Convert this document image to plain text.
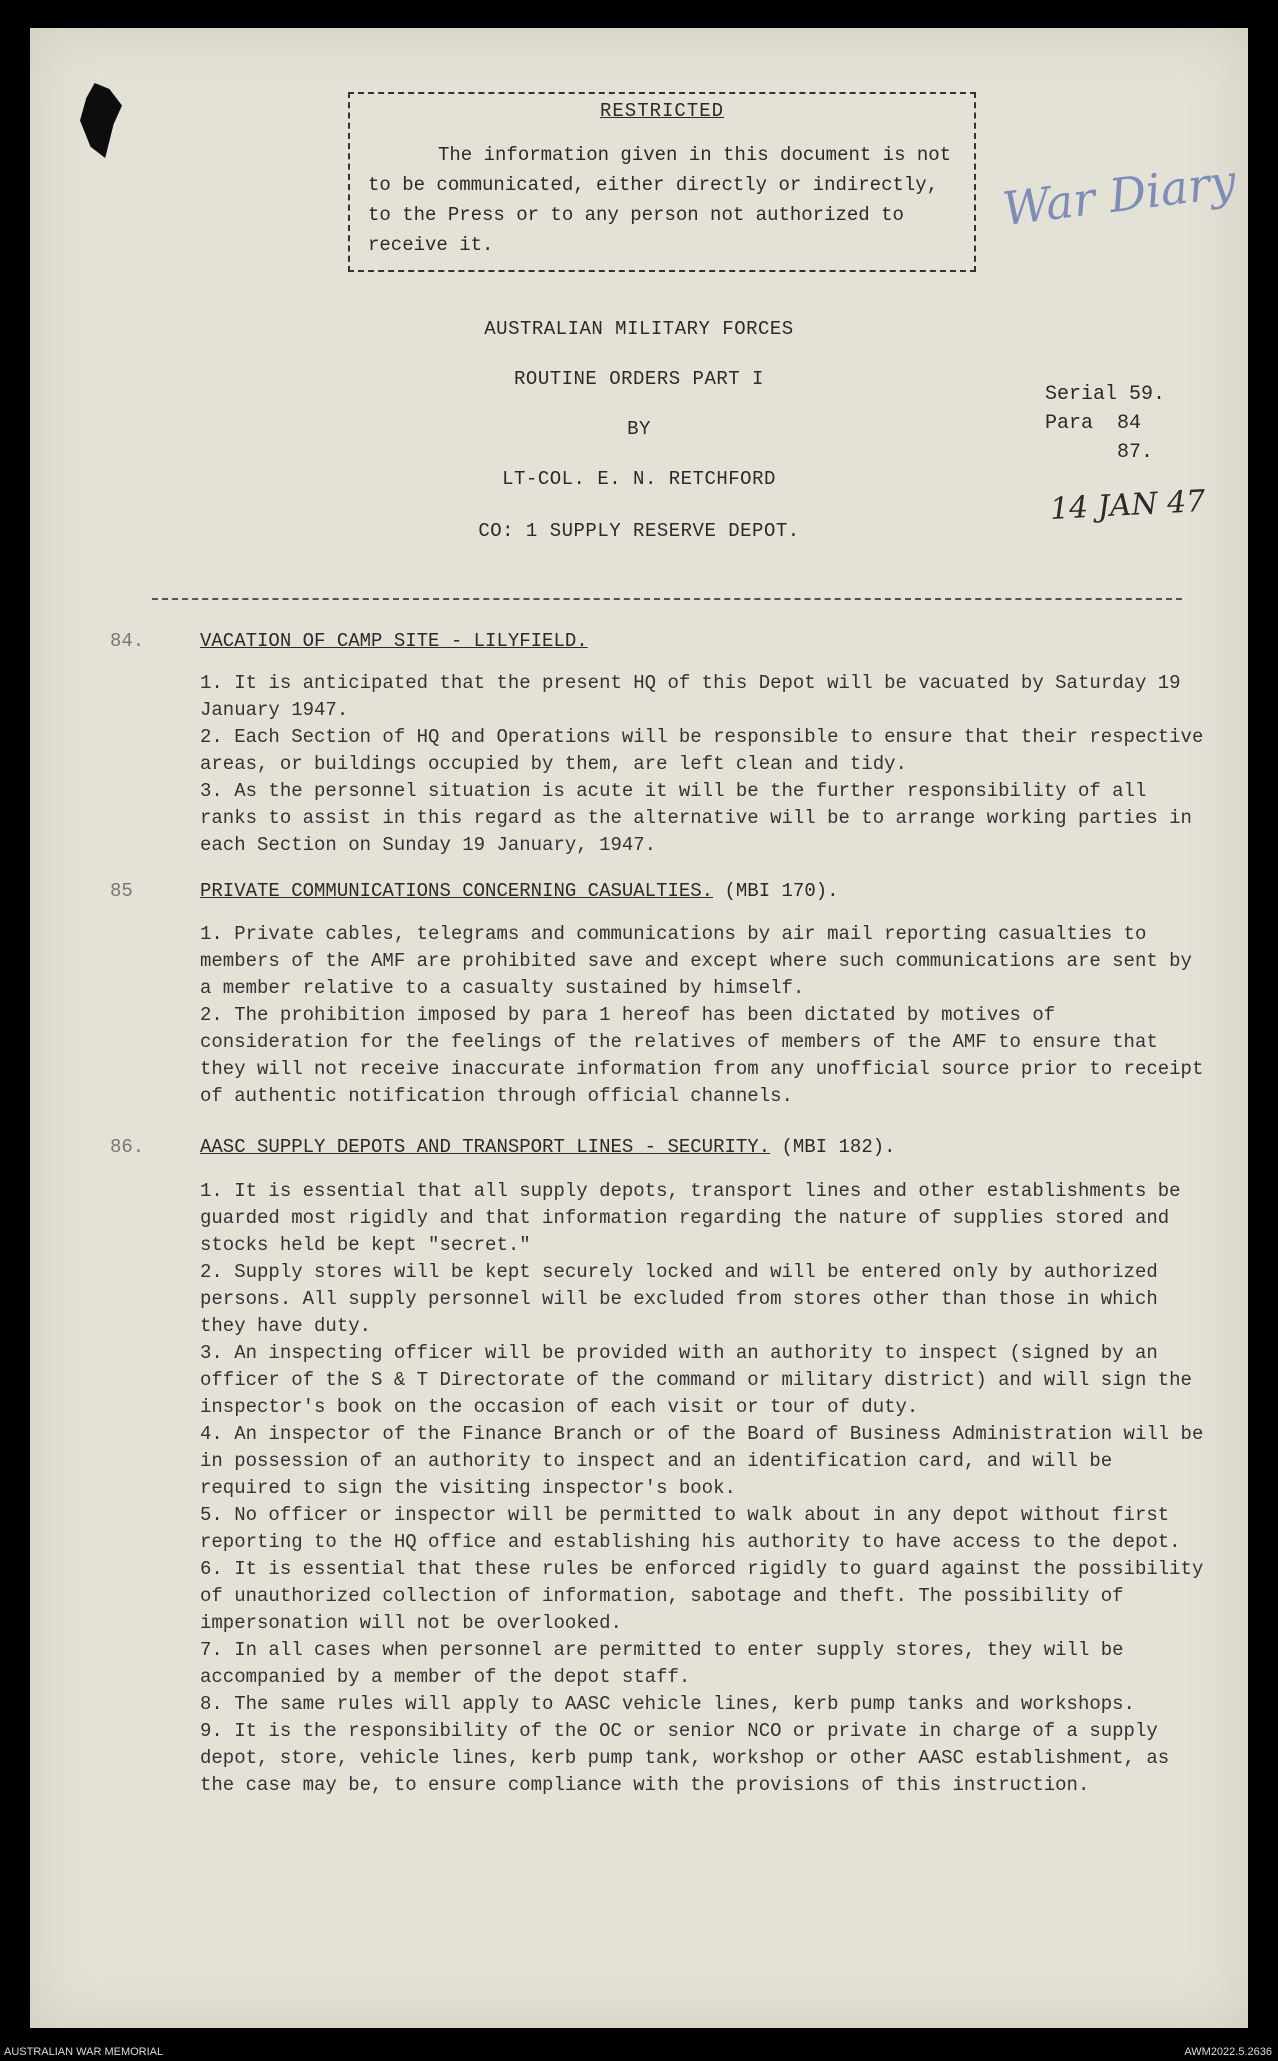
RESTRICTED
The information given in this document is not to be communicated, either directly or indirectly, to the Press or to any person not authorized to receive it.
War Diary
AUSTRALIAN MILITARY FORCES
ROUTINE ORDERS PART I
BY
LT-COL. E. N. RETCHFORD
CO: 1 SUPPLY RESERVE DEPOT.
Serial 59.
Para  84
87.
14 JAN 47
84.	VACATION OF CAMP SITE - LILYFIELD.

1. It is anticipated that the present HQ of this Depot will be vacuated by Saturday 19 January 1947.

2. Each Section of HQ and Operations will be responsible to ensure that their respective areas, or buildings occupied by them, are left clean and tidy.

3. As the personnel situation is acute it will be the further responsibility of all ranks to assist in this regard as the alternative will be to arrange working parties in each Section on Sunday 19 January, 1947.

85	PRIVATE COMMUNICATIONS CONCERNING CASUALTIES. (MBI 170).

1. Private cables, telegrams and communications by air mail reporting casualties to members of the AMF are prohibited save and except where such communications are sent by a member relative to a casualty sustained by himself.

2. The prohibition imposed by para 1 hereof has been dictated by motives of consideration for the feelings of the relatives of members of the AMF to ensure that they will not receive inaccurate information from any unofficial source prior to receipt of authentic notification through official channels.

86.	AASC SUPPLY DEPOTS AND TRANSPORT LINES - SECURITY. (MBI 182).

1. It is essential that all supply depots, transport lines and other establishments be guarded most rigidly and that information regarding the nature of supplies stored and stocks held be kept "secret."

2. Supply stores will be kept securely locked and will be entered only by authorized persons. All supply personnel will be excluded from stores other than those in which they have duty.

3. An inspecting officer will be provided with an authority to inspect (signed by an officer of the S & T Directorate of the command or military district) and will sign the inspector's book on the occasion of each visit or tour of duty.

4. An inspector of the Finance Branch or of the Board of Business Administration will be in possession of an authority to inspect and an identification card, and will be required to sign the visiting inspector's book.

5. No officer or inspector will be permitted to walk about in any depot without first reporting to the HQ office and establishing his authority to have access to the depot.

6. It is essential that these rules be enforced rigidly to guard against the possibility of unauthorized collection of information, sabotage and theft. The possibility of impersonation will not be overlooked.

7. In all cases when personnel are permitted to enter supply stores, they will be accompanied by a member of the depot staff.

8. The same rules will apply to AASC vehicle lines, kerb pump tanks and workshops.

9. It is the responsibility of the OC or senior NCO or private in charge of a supply depot, store, vehicle lines, kerb pump tank, workshop or other AASC establishment, as the case may be, to ensure compliance with the provisions of this instruction.

AUSTRALIAN WAR MEMORIAL	AWM2022.5.2636
